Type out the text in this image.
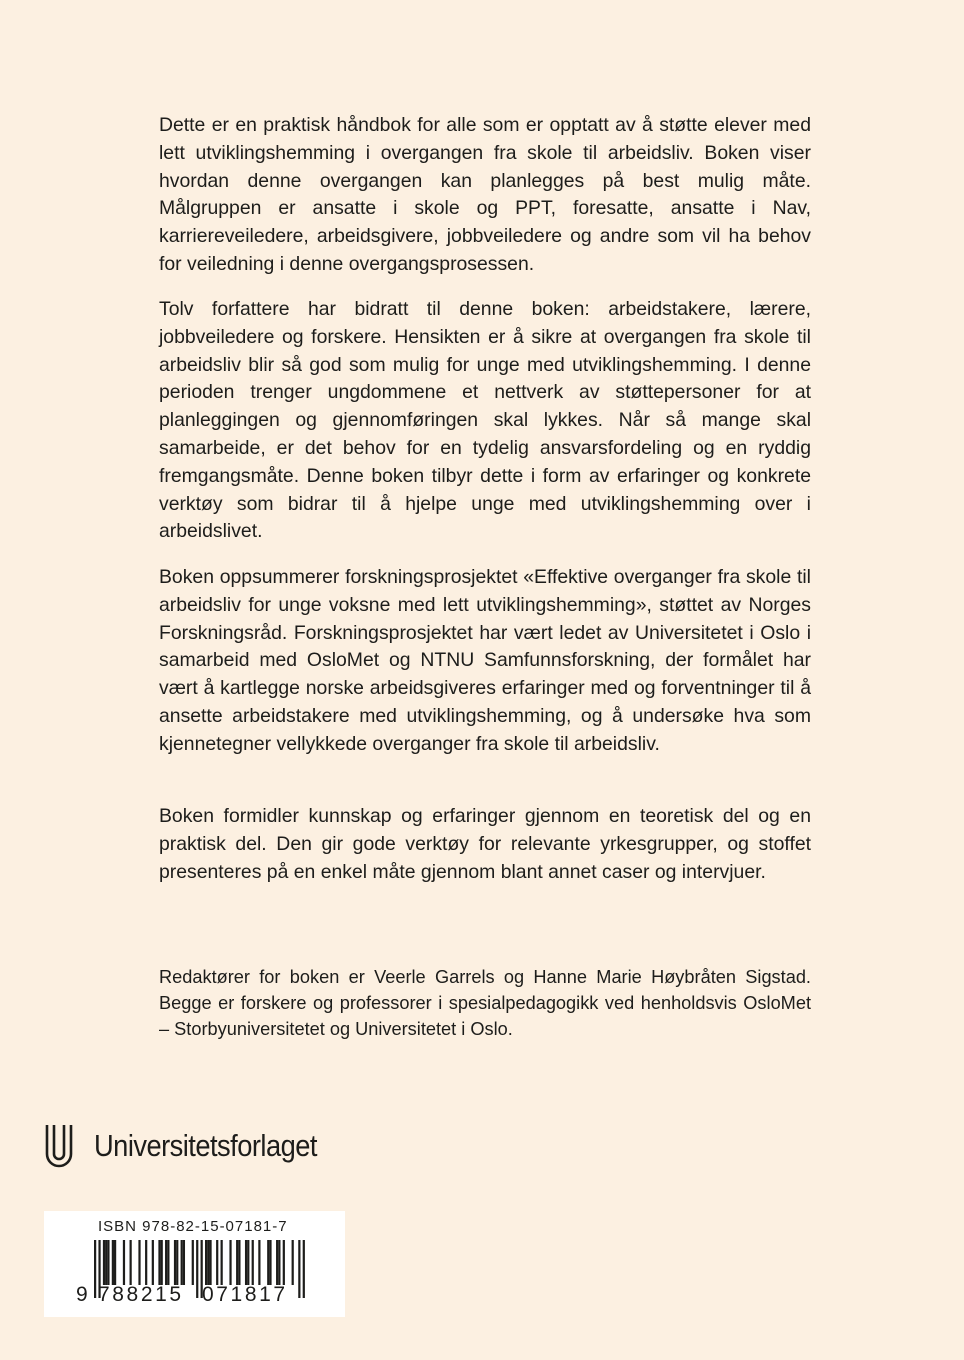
Dette er en praktisk håndbok for alle som er opptatt av å støtte elever med lett utviklingshemming i overgangen fra skole til arbeidsliv. Boken viser hvordan denne overgangen kan planlegges på best mulig måte. Målgruppen er ansatte i skole og PPT, foresatte, ansatte i Nav, karriereveiledere, arbeidsgivere, jobbveiledere og andre som vil ha behov for veiledning i denne overgangsprosessen.

Tolv forfattere har bidratt til denne boken: arbeidstakere, lærere, jobbveiledere og forskere. Hensikten er å sikre at overgangen fra skole til arbeidsliv blir så god som mulig for unge med utviklingshemming. I denne perioden trenger ungdommene et nettverk av støttepersoner for at planleggingen og gjennomføringen skal lykkes. Når så mange skal samarbeide, er det behov for en tydelig ansvarsfordeling og en ryddig fremgangsmåte. Denne boken tilbyr dette i form av erfaringer og konkrete verktøy som bidrar til å hjelpe unge med utviklingshemming over i arbeidslivet.

Boken oppsummerer forskningsprosjektet «Effektive overganger fra skole til arbeidsliv for unge voksne med lett utviklingshemming», støttet av Norges Forskningsråd. Forskningsprosjektet har vært ledet av Universitetet i Oslo i samarbeid med OsloMet og NTNU Samfunnsforskning, der formålet har vært å kartlegge norske arbeidsgiveres erfaringer med og forventninger til å ansette arbeidstakere med utviklingshemming, og å undersøke hva som kjennetegner vellykkede overganger fra skole til arbeidsliv.

Boken formidler kunnskap og erfaringer gjennom en teoretisk del og en praktisk del. Den gir gode verktøy for relevante yrkesgrupper, og stoffet presenteres på en enkel måte gjennom blant annet caser og intervjuer.

Redaktører for boken er Veerle Garrels og Hanne Marie Høybråten Sigstad. Begge er forskere og professorer i spesialpedagogikk ved henholdsvis OsloMet – Storbyuniversitetet og Universitetet i Oslo.

Universitetsforlaget
ISBN 978-82-15-07181-7
9 788215 071817
